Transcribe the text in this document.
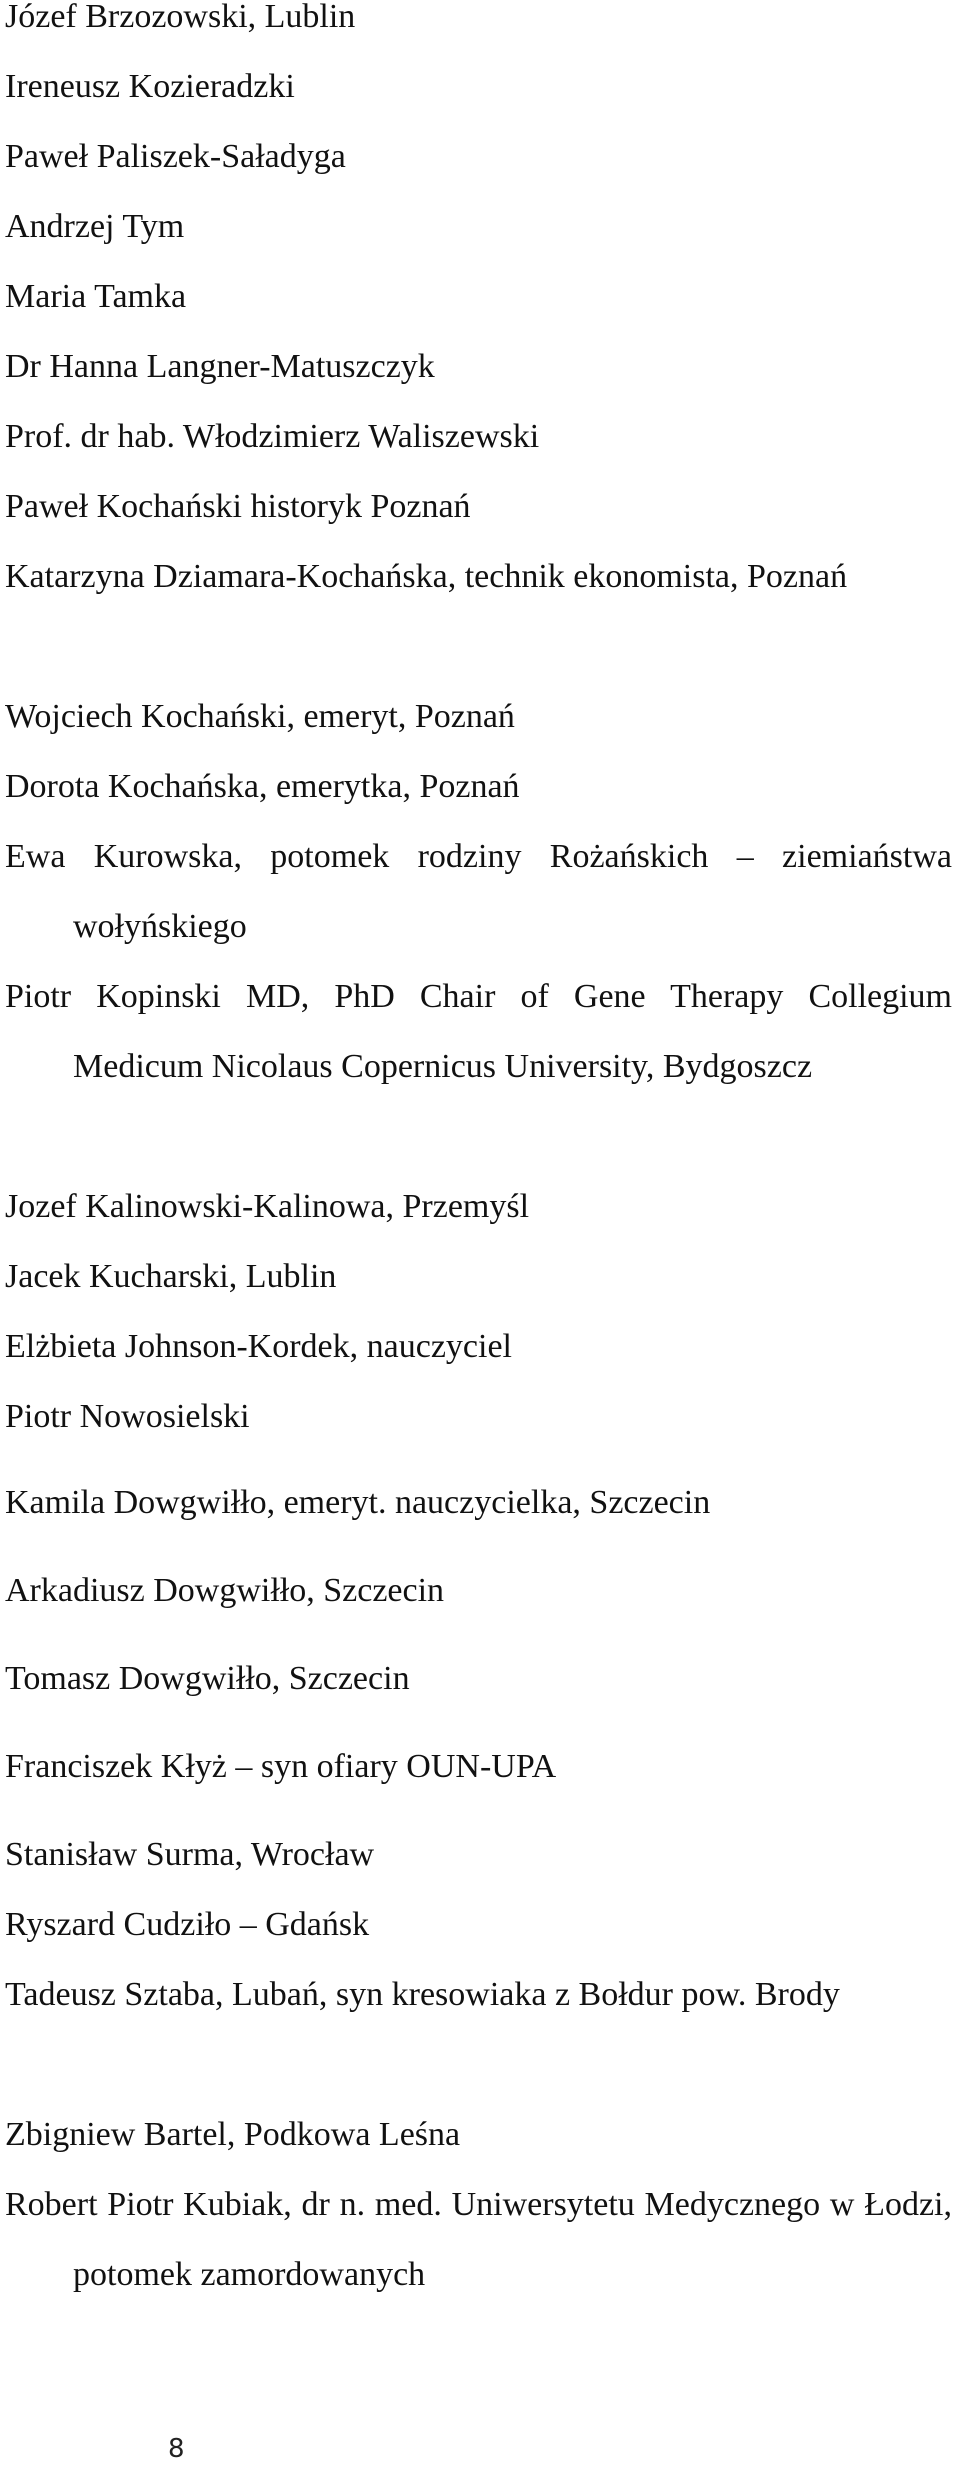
Józef Brzozowski, Lublin

Ireneusz Kozieradzki

Paweł Paliszek-Saładyga

Andrzej Tym

Maria Tamka

Dr Hanna Langner-Matuszczyk

Prof. dr hab. Włodzimierz Waliszewski

Paweł Kochański historyk Poznań

Katarzyna Dziamara-Kochańska, technik ekonomista, Poznań

Wojciech Kochański, emeryt, Poznań

Dorota Kochańska, emerytka, Poznań

Ewa Kurowska, potomek rodziny Rożańskich – ziemiaństwa wołyńskiego

Piotr Kopinski MD, PhD Chair of Gene Therapy Collegium Medicum Nicolaus Copernicus University, Bydgoszcz

Jozef Kalinowski-Kalinowa, Przemyśl

Jacek Kucharski, Lublin

Elżbieta Johnson-Kordek, nauczyciel

Piotr Nowosielski

Kamila Dowgwiłło, emeryt. nauczycielka, Szczecin

Arkadiusz Dowgwiłło, Szczecin

Tomasz Dowgwiłło, Szczecin

Franciszek Kłyż – syn ofiary OUN-UPA

Stanisław Surma, Wrocław

Ryszard Cudziło – Gdańsk

Tadeusz Sztaba, Lubań, syn kresowiaka z Bołdur pow. Brody

Zbigniew Bartel, Podkowa Leśna

Robert Piotr Kubiak, dr n. med. Uniwersytetu Medycznego w Łodzi, potomek zamordowanych

8
